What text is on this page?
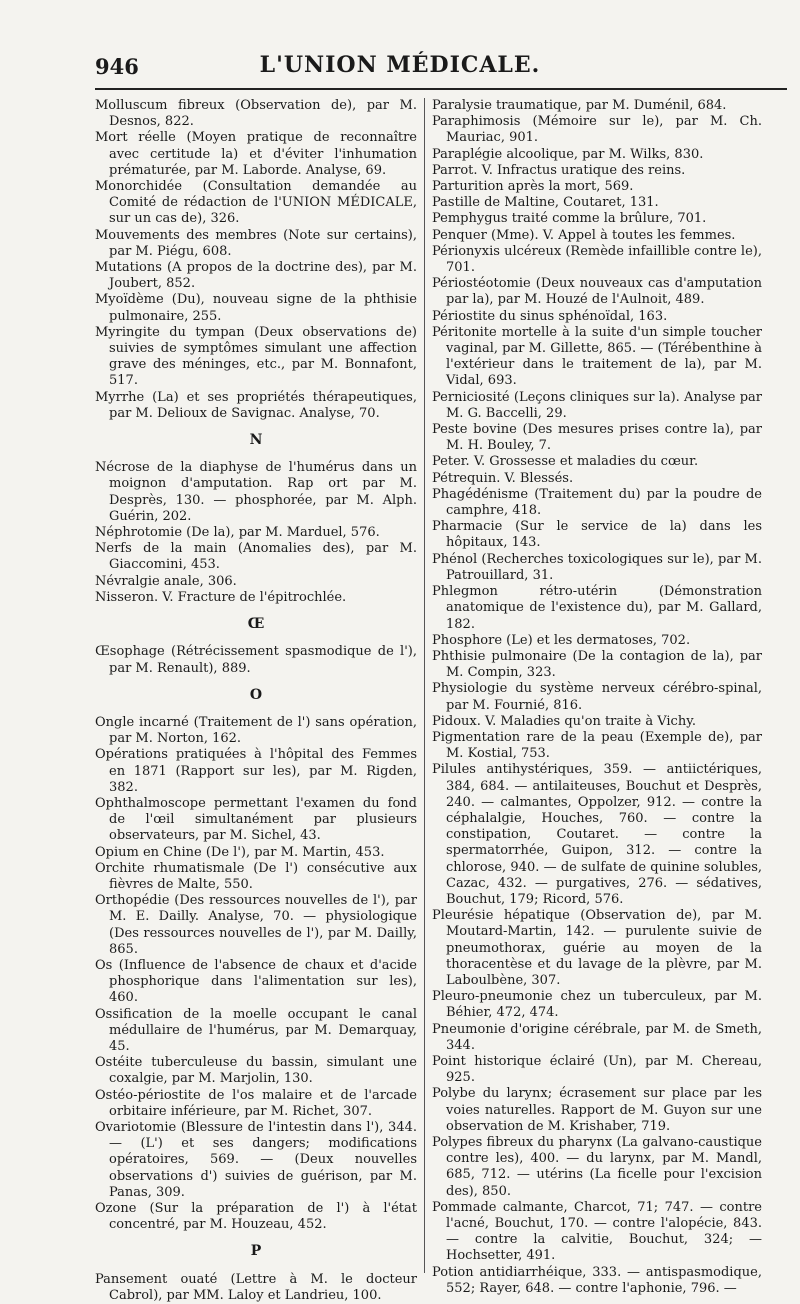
946	L'UNION MÉDICALE.

Molluscum fibreux (Observation de), par M. Desnos, 822.

Mort réelle (Moyen pratique de reconnaître avec certitude la) et d'éviter l'inhumation prématurée, par M. Laborde. Analyse, 69.

Monorchidée (Consultation demandée au Comité de rédaction de l'UNION MÉDICALE, sur un cas de), 326.

Mouvements des membres (Note sur certains), par M. Piégu, 608.

Mutations (A propos de la doctrine des), par M. Joubert, 852.

Myoïdème (Du), nouveau signe de la phthisie pulmonaire, 255.

Myringite du tympan (Deux observations de) suivies de symptômes simulant une affection grave des méninges, etc., par M. Bonnafont, 517.

Myrrhe (La) et ses propriétés thérapeutiques, par M. Delioux de Savignac. Analyse, 70.

N

Nécrose de la diaphyse de l'humérus dans un moignon d'amputation. Rap ort par M. Desprès, 130. — phosphorée, par M. Alph. Guérin, 202.

Néphrotomie (De la), par M. Marduel, 576.

Nerfs de la main (Anomalies des), par M. Giaccomini, 453.

Névralgie anale, 306.

Nisseron. V. Fracture de l'épitrochlée.

Œ

Œsophage (Rétrécissement spasmodique de l'), par M. Renault), 889.

O

Ongle incarné (Traitement de l') sans opération, par M. Norton, 162.

Opérations pratiquées à l'hôpital des Femmes en 1871 (Rapport sur les), par M. Rigden, 382.

Ophthalmoscope permettant l'examen du fond de l'œil simultanément par plusieurs observateurs, par M. Sichel, 43.

Opium en Chine (De l'), par M. Martin, 453.

Orchite rhumatismale (De l') consécutive aux fièvres de Malte, 550.

Orthopédie (Des ressources nouvelles de l'), par M. E. Dailly. Analyse, 70. — physiologique (Des ressources nouvelles de l'), par M. Dailly, 865.

Os (Influence de l'absence de chaux et d'acide phosphorique dans l'alimentation sur les), 460.

Ossification de la moelle occupant le canal médullaire de l'humérus, par M. Demarquay, 45.

Ostéite tuberculeuse du bassin, simulant une coxalgie, par M. Marjolin, 130.

Ostéo-périostite de l'os malaire et de l'arcade orbitaire inférieure, par M. Richet, 307.

Ovariotomie (Blessure de l'intestin dans l'), 344. — (L') et ses dangers; modifications opératoires, 569. — (Deux nouvelles observations d') suivies de guérison, par M. Panas, 309.

Ozone (Sur la préparation de l') à l'état concentré, par M. Houzeau, 452.

P

Pansement ouaté (Lettre à M. le docteur Cabrol), par MM. Laloy et Landrieu, 100.

Paralysie traumatique, par M. Duménil, 684.

Paraphimosis (Mémoire sur le), par M. Ch. Mauriac, 901.

Paraplégie alcoolique, par M. Wilks, 830.

Parrot. V. Infractus uratique des reins.

Parturition après la mort, 569.

Pastille de Maltine, Coutaret, 131.

Pemphygus traité comme la brûlure, 701.

Penquer (Mme). V. Appel à toutes les femmes.

Périonyxis ulcéreux (Remède infaillible contre le), 701.

Périostéotomie (Deux nouveaux cas d'amputation par la), par M. Houzé de l'Aulnoit, 489.

Périostite du sinus sphénoïdal, 163.

Péritonite mortelle à la suite d'un simple toucher vaginal, par M. Gillette, 865. — (Térébenthine à l'extérieur dans le traitement de la), par M. Vidal, 693.

Perniciosité (Leçons cliniques sur la). Analyse par M. G. Baccelli, 29.

Peste bovine (Des mesures prises contre la), par M. H. Bouley, 7.

Peter. V. Grossesse et maladies du cœur.

Pétrequin. V. Blessés.

Phagédénisme (Traitement du) par la poudre de camphre, 418.

Pharmacie (Sur le service de la) dans les hôpitaux, 143.

Phénol (Recherches toxicologiques sur le), par M. Patrouillard, 31.

Phlegmon rétro-utérin (Démonstration anatomique de l'existence du), par M. Gallard, 182.

Phosphore (Le) et les dermatoses, 702.

Phthisie pulmonaire (De la contagion de la), par M. Compin, 323.

Physiologie du système nerveux cérébro-spinal, par M. Fournié, 816.

Pidoux. V. Maladies qu'on traite à Vichy.

Pigmentation rare de la peau (Exemple de), par M. Kostial, 753.

Pilules antihystériques, 359. — antiictériques, 384, 684. — antilaiteuses, Bouchut et Desprès, 240. — calmantes, Oppolzer, 912. — contre la céphalalgie, Houches, 760. — contre la constipation, Coutaret. — contre la spermatorrhée, Guipon, 312. — contre la chlorose, 940. — de sulfate de quinine solubles, Cazac, 432. — purgatives, 276. — sédatives, Bouchut, 179; Ricord, 576.

Pleurésie hépatique (Observation de), par M. Moutard-Martin, 142. — purulente suivie de pneumothorax, guérie au moyen de la thoracentèse et du lavage de la plèvre, par M. Laboulbène, 307.

Pleuro-pneumonie chez un tuberculeux, par M. Béhier, 472, 474.

Pneumonie d'origine cérébrale, par M. de Smeth, 344.

Point historique éclairé (Un), par M. Chereau, 925.

Polybe du larynx; écrasement sur place par les voies naturelles. Rapport de M. Guyon sur une observation de M. Krishaber, 719.

Polypes fibreux du pharynx (La galvano-caustique contre les), 400. — du larynx, par M. Mandl, 685, 712. — utérins (La ficelle pour l'excision des), 850.

Pommade calmante, Charcot, 71; 747. — contre l'acné, Bouchut, 170. — contre l'alopécie, 843. — contre la calvitie, Bouchut, 324; — Hochsetter, 491.

Potion antidiarrhéique, 333. — antispasmodique, 552; Rayer, 648. — contre l'aphonie, 796. —
